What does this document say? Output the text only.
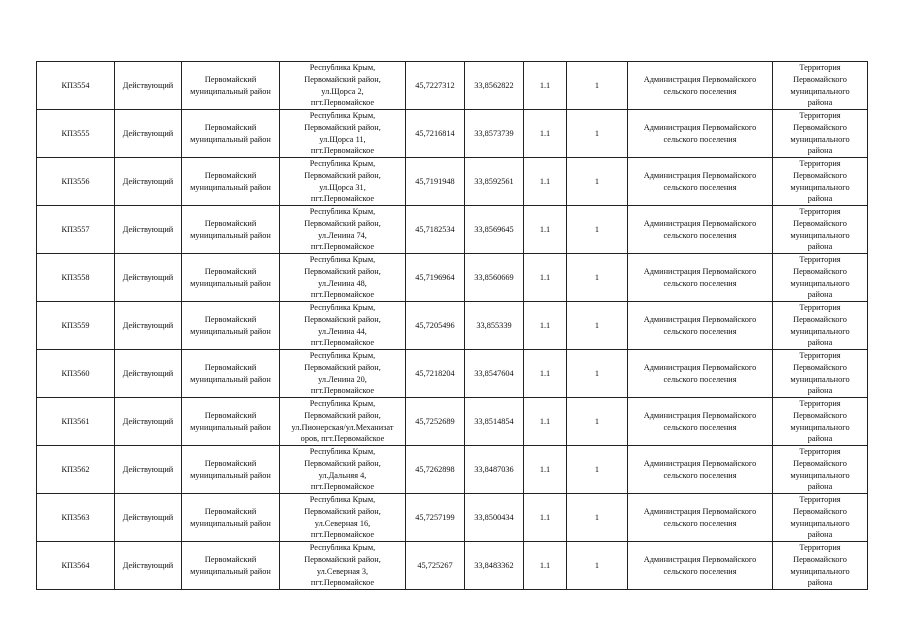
КП3554	Действующий	Первомайский
муниципальный район	Республика Крым,
Первомайский район,
ул.Щорса 2,
пгт.Первомайское	45,7227312	33,8562822	1.1	1	Администрация Первомайского
сельского поселения	Территория
Первомайского
муниципального
района

КП3555	Действующий	Первомайский
муниципальный район	Республика Крым,
Первомайский район,
ул.Щорса 11,
пгт.Первомайское	45,7216814	33,8573739	1.1	1	Администрация Первомайского
сельского поселения	Территория
Первомайского
муниципального
района

КП3556	Действующий	Первомайский
муниципальный район	Республика Крым,
Первомайский район,
ул.Щорса 31,
пгт.Первомайское	45,7191948	33,8592561	1.1	1	Администрация Первомайского
сельского поселения	Территория
Первомайского
муниципального
района

КП3557	Действующий	Первомайский
муниципальный район	Республика Крым,
Первомайский район,
ул.Ленина 74,
пгт.Первомайское	45,7182534	33,8569645	1.1	1	Администрация Первомайского
сельского поселения	Территория
Первомайского
муниципального
района

КП3558	Действующий	Первомайский
муниципальный район	Республика Крым,
Первомайский район,
ул.Ленина 48,
пгт.Первомайское	45,7196964	33,8560669	1.1	1	Администрация Первомайского
сельского поселения	Территория
Первомайского
муниципального
района

КП3559	Действующий	Первомайский
муниципальный район	Республика Крым,
Первомайский район,
ул.Ленина 44,
пгт.Первомайское	45,7205496	33,855339	1.1	1	Администрация Первомайского
сельского поселения	Территория
Первомайского
муниципального
района

КП3560	Действующий	Первомайский
муниципальный район	Республика Крым,
Первомайский район,
ул.Ленина 20,
пгт.Первомайское	45,7218204	33,8547604	1.1	1	Администрация Первомайского
сельского поселения	Территория
Первомайского
муниципального
района

КП3561	Действующий	Первомайский
муниципальный район	Республика Крым,
Первомайский район,
ул.Пионерская/ул.Механизат
оров, пгт.Первомайское	45,7252689	33,8514854	1.1	1	Администрация Первомайского
сельского поселения	Территория
Первомайского
муниципального
района

КП3562	Действующий	Первомайский
муниципальный район	Республика Крым,
Первомайский район,
ул.Дальняя 4,
пгт.Первомайское	45,7262898	33,8487036	1.1	1	Администрация Первомайского
сельского поселения	Территория
Первомайского
муниципального
района

КП3563	Действующий	Первомайский
муниципальный район	Республика Крым,
Первомайский район,
ул.Северная 16,
пгт.Первомайское	45,7257199	33,8500434	1.1	1	Администрация Первомайского
сельского поселения	Территория
Первомайского
муниципального
района

КП3564	Действующий	Первомайский
муниципальный район	Республика Крым,
Первомайский район,
ул.Северная 3,
пгт.Первомайское	45,725267	33,8483362	1.1	1	Администрация Первомайского
сельского поселения	Территория
Первомайского
муниципального
района
